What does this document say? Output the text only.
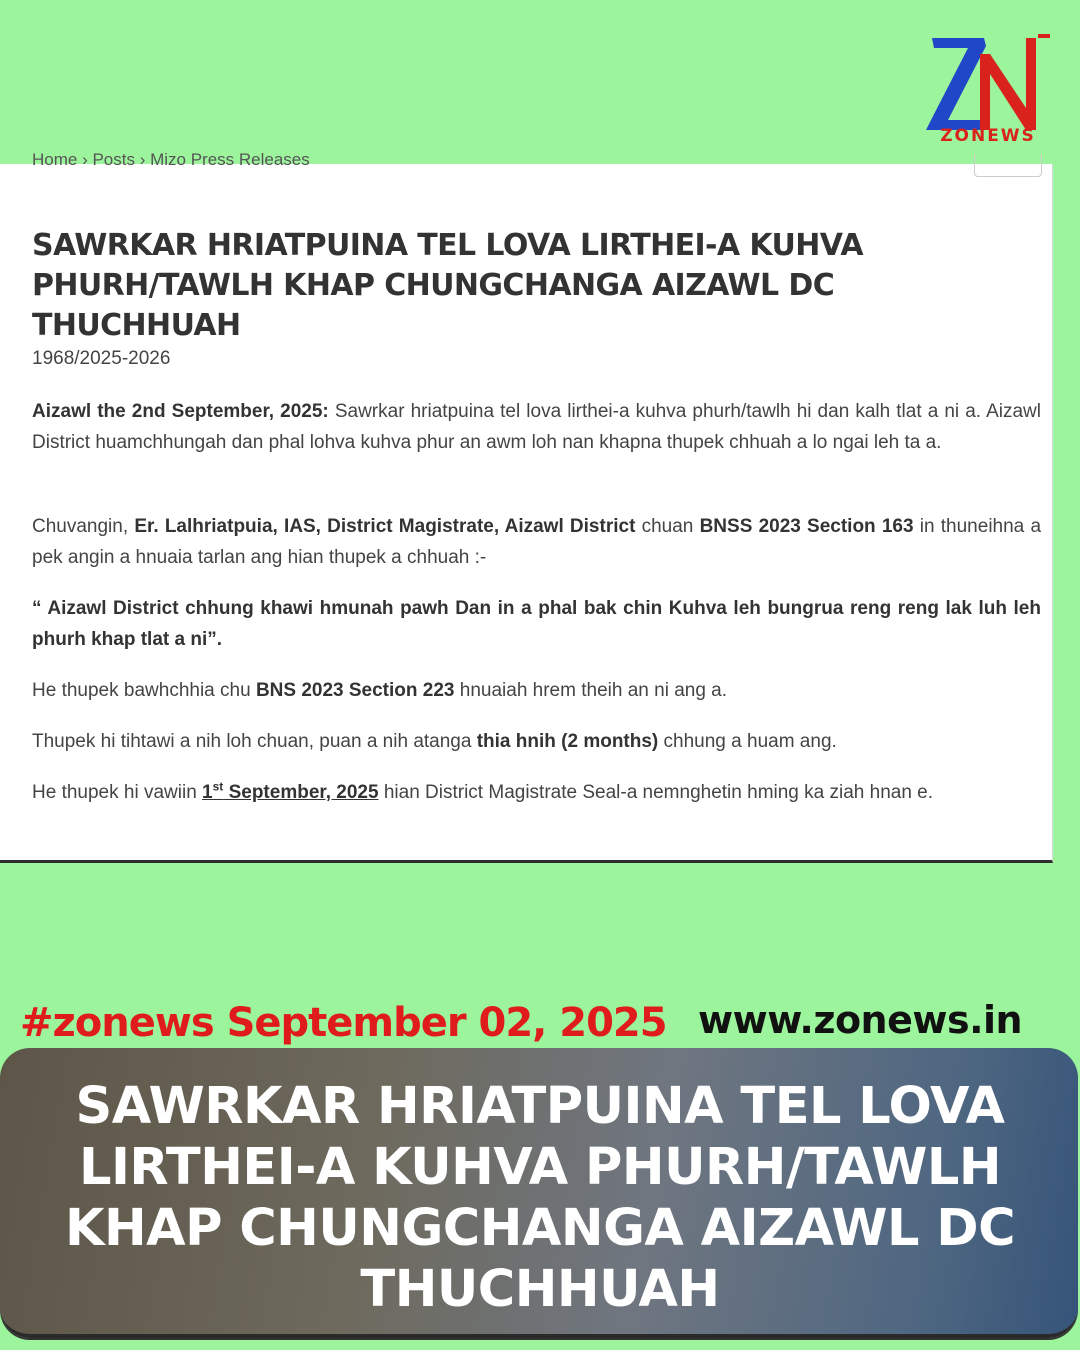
ZONEWS
Home › Posts › Mizo Press Releases
SAWRKAR HRIATPUINA TEL LOVA LIRTHEI-A KUHVA PHURH/TAWLH KHAP CHUNGCHANGA AIZAWL DC THUCHHUAH
1968/2025-2026
Aizawl the 2nd September, 2025: Sawrkar hriatpuina tel lova lirthei-a kuhva phurh/tawlh hi dan kalh tlat a ni a. Aizawl District huamchhungah dan phal lohva kuhva phur an awm loh nan khapna thupek chhuah a lo ngai leh ta a.
Chuvangin, Er. Lalhriatpuia, IAS, District Magistrate, Aizawl District chuan BNSS 2023 Section 163 in thuneihna a pek angin a hnuaia tarlan ang hian thupek a chhuah :-
“ Aizawl District chhung khawi hmunah pawh Dan in a phal bak chin Kuhva leh bungrua reng reng lak luh leh phurh khap tlat a ni”.
He thupek bawhchhia chu BNS 2023 Section 223 hnuaiah hrem theih an ni ang a.
Thupek hi tihtawi a nih loh chuan, puan a nih atanga thia hnih (2 months) chhung a huam ang.
He thupek hi vawiin 1st September, 2025 hian District Magistrate Seal-a nemnghetin hming ka ziah hnan e.
#zonews September 02, 2025 www.zonews.in
SAWRKAR HRIATPUINA TEL LOVA LIRTHEI-A KUHVA PHURH/TAWLH KHAP CHUNGCHANGA AIZAWL DC THUCHHUAH
